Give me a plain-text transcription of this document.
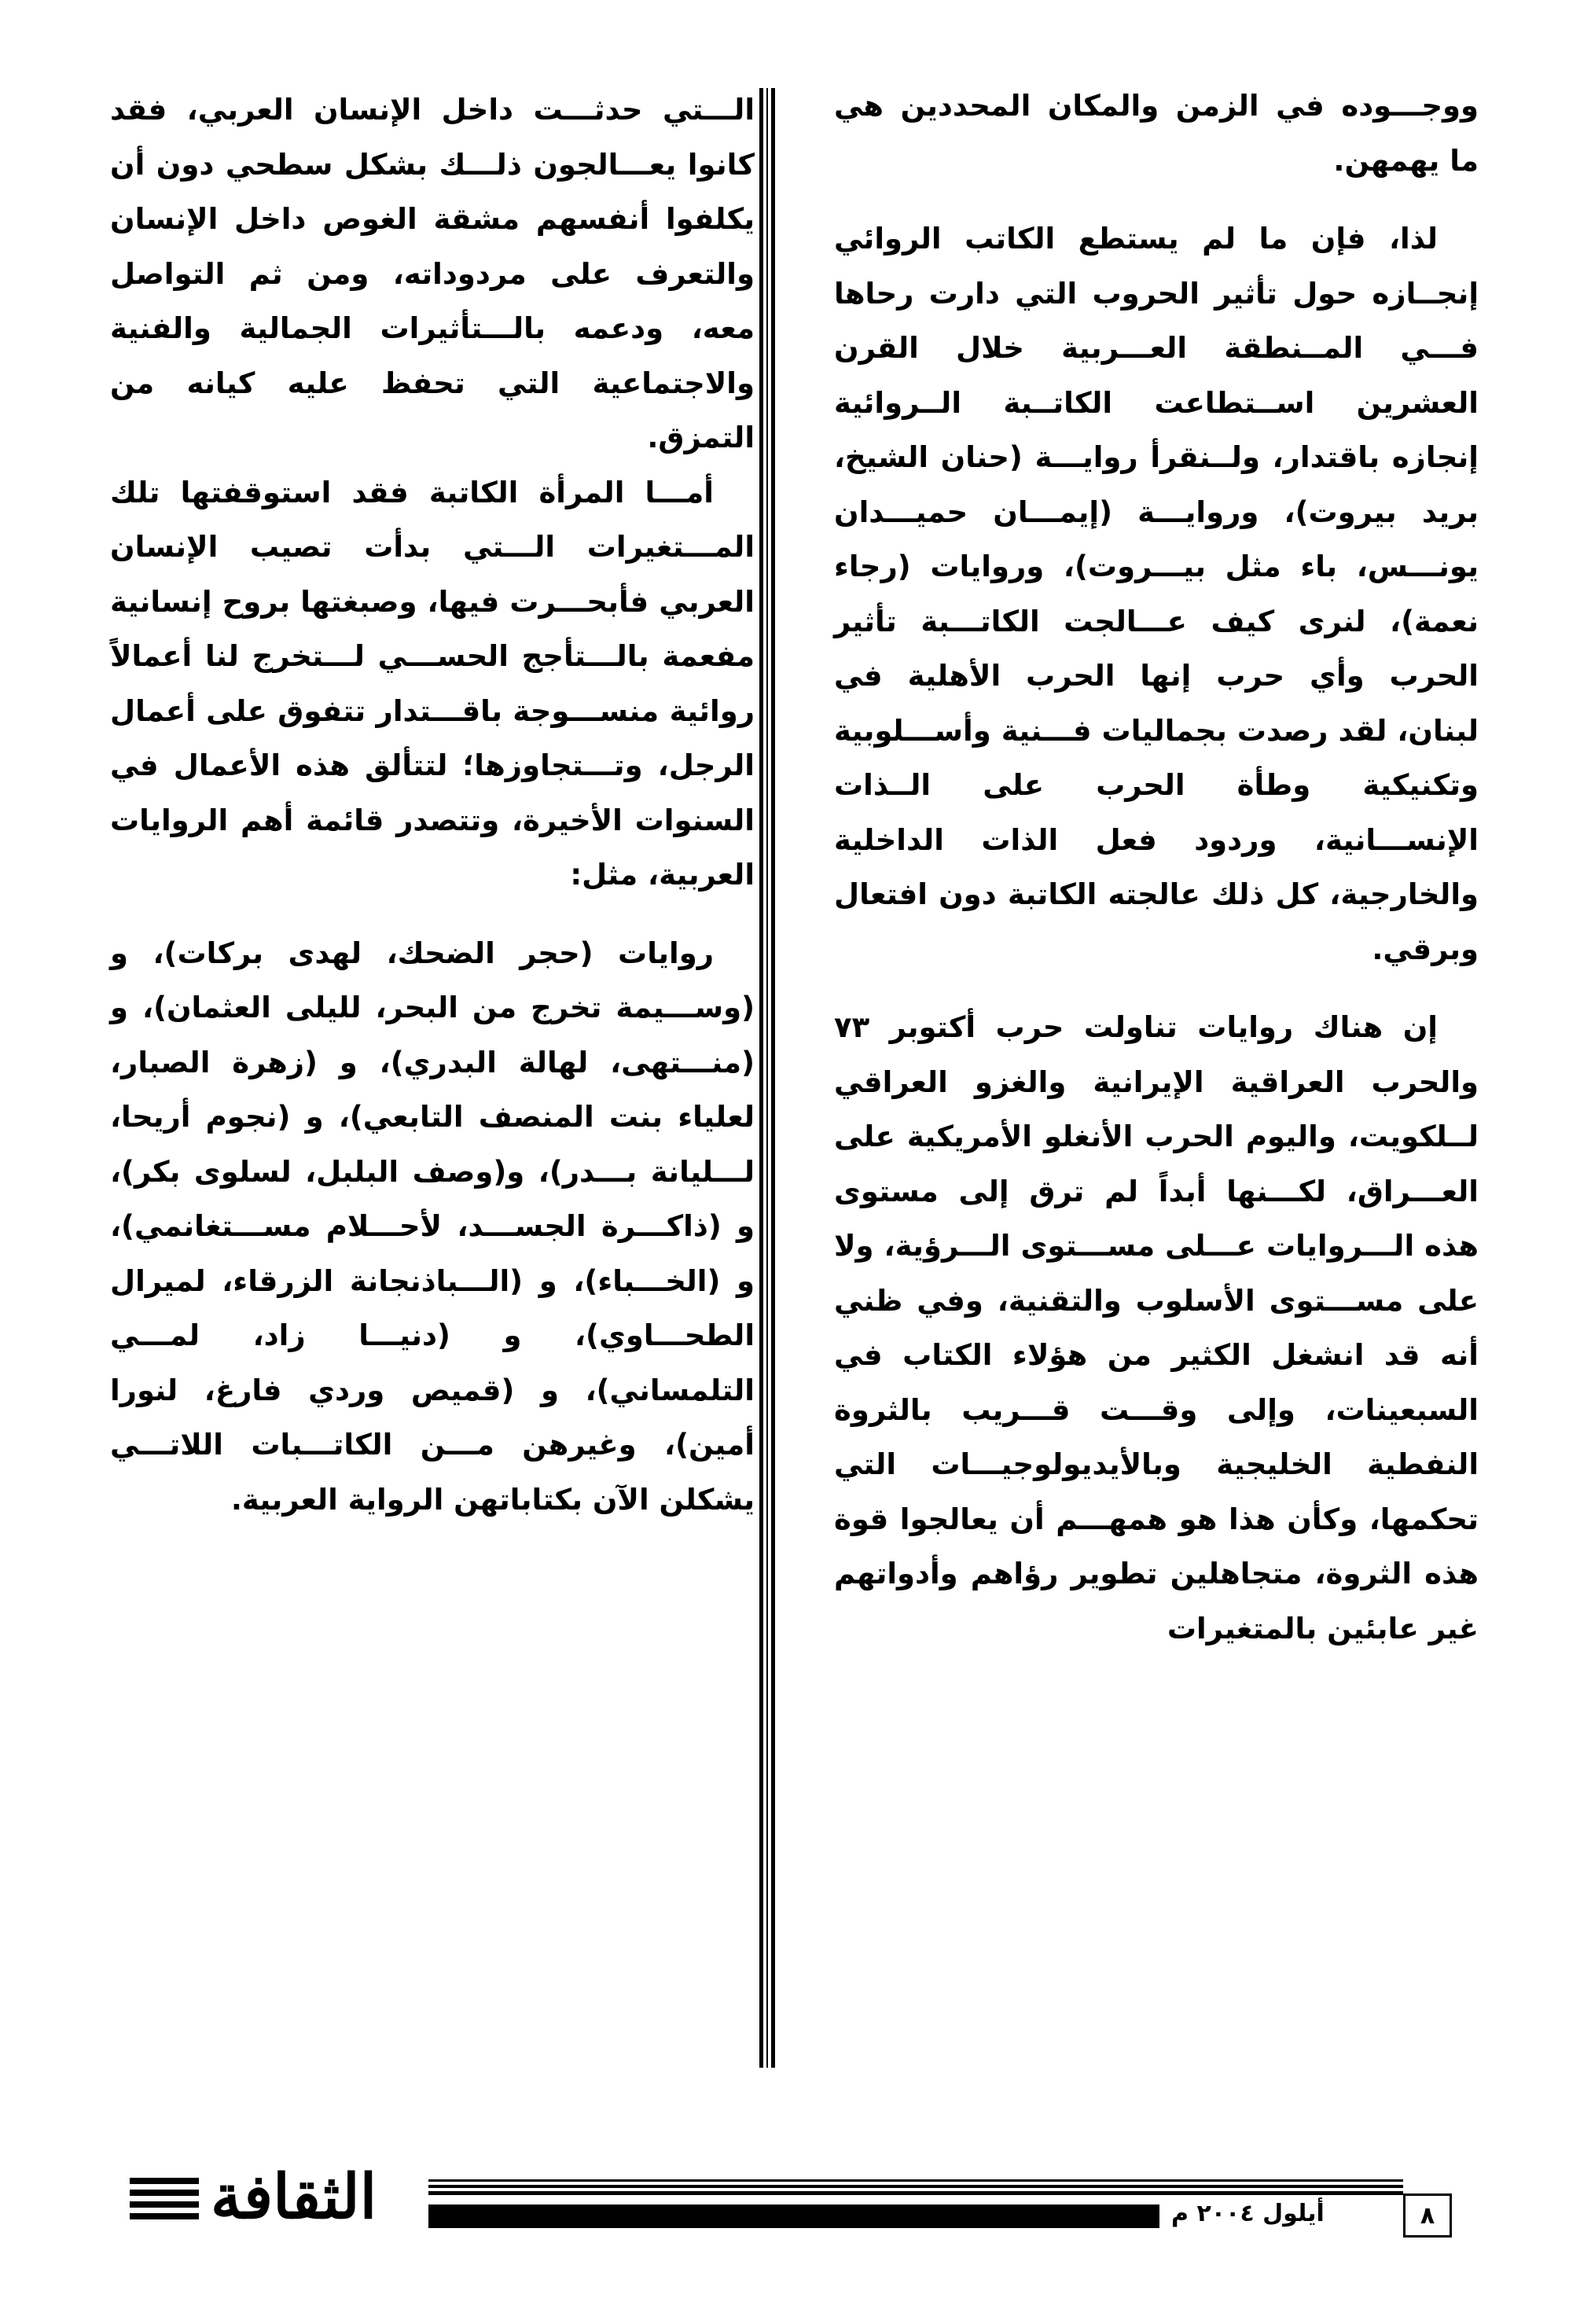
ووجـــوده في الزمن والمكان المحددين هي ما يهمهن.

لذا، فإن ما لم يستطع الكاتب الروائي إنجــازه حول تأثير الحروب التي دارت رحاها فـــي المــنطقة العـــربية خلال القرن العشرين اســتطاعت الكاتــبة الــروائية إنجازه باقتدار، ولــنقرأ روايـــة (حنان الشيخ، بريد بيروت)، وروايـــة (إيمـــان حميـــدان يونـــس، باء مثل بيـــروت)، وروايات (رجاء نعمة)، لنرى كيف عـــالجت الكاتـــبة تأثير الحرب وأي حرب إنها الحرب الأهلية في لبنان، لقد رصدت بجماليات فـــنية وأســـلوبية وتكنيكية وطأة الحرب على الــذات الإنســـانية، وردود فعل الذات الداخلية والخارجية، كل ذلك عالجته الكاتبة دون افتعال وبرقي.

إن هناك روايات تناولت حرب أكتوبر ٧٣ والحرب العراقية الإيرانية والغزو العراقي لــلكويت، واليوم الحرب الأنغلو الأمريكية على العـــراق، لكـــنها أبداً لم ترق إلى مستوى هذه الـــروايات عـــلى مســـتوى الـــرؤية، ولا على مســـتوى الأسلوب والتقنية، وفي ظني أنه قد انشغل الكثير من هؤلاء الكتاب في السبعينات، وإلى وقـــت قـــريب بالثروة النفطية الخليجية وبالأيديولوجيـــات التي تحكمها، وكأن هذا هو همهـــم أن يعالجوا قوة هذه الثروة، متجاهلين تطوير رؤاهم وأدواتهم غير عابئين بالمتغيرات

الـــتي حدثـــت داخل الإنسان العربي، فقد كانوا يعـــالجون ذلـــك بشكل سطحي دون أن يكلفوا أنفسهم مشقة الغوص داخل الإنسان والتعرف على مردوداته، ومن ثم التواصل معه، ودعمه بالـــتأثيرات الجمالية والفنية والاجتماعية التي تحفظ عليه كيانه من التمزق.

أمـــا المرأة الكاتبة فقد استوقفتها تلك المـــتغيرات الـــتي بدأت تصيب الإنسان العربي فأبحـــرت فيها، وصبغتها بروح إنسانية مفعمة بالـــتأجج الحســـي لـــتخرج لنا أعمالاً روائية منســـوجة باقـــتدار تتفوق على أعمال الرجل، وتـــتجاوزها؛ لتتألق هذه الأعمال في السنوات الأخيرة، وتتصدر قائمة أهم الروايات العربية، مثل:

روايات (حجر الضحك، لهدى بركات)، و (وســـيمة تخرج من البحر، لليلى العثمان)، و (منـــتهى، لهالة البدري)، و (زهرة الصبار، لعلياء بنت المنصف التابعي)، و (نجوم أريحا، لـــليانة بـــدر)، و(وصف البلبل، لسلوى بكر)، و (ذاكـــرة الجســـد، لأحـــلام مســـتغانمي)، و (الخـــباء)، و (الـــباذنجانة الزرقاء، لميرال الطحـــاوي)، و (دنيـــا زاد، لمـــي التلمساني)، و (قميص وردي فارغ، لنورا أمين)، وغيرهن مـــن الكاتـــبات اللاتـــي يشكلن الآن بكتاباتهن الرواية العربية.

الثقافة	أيلول ٢٠٠٤ م	٨
